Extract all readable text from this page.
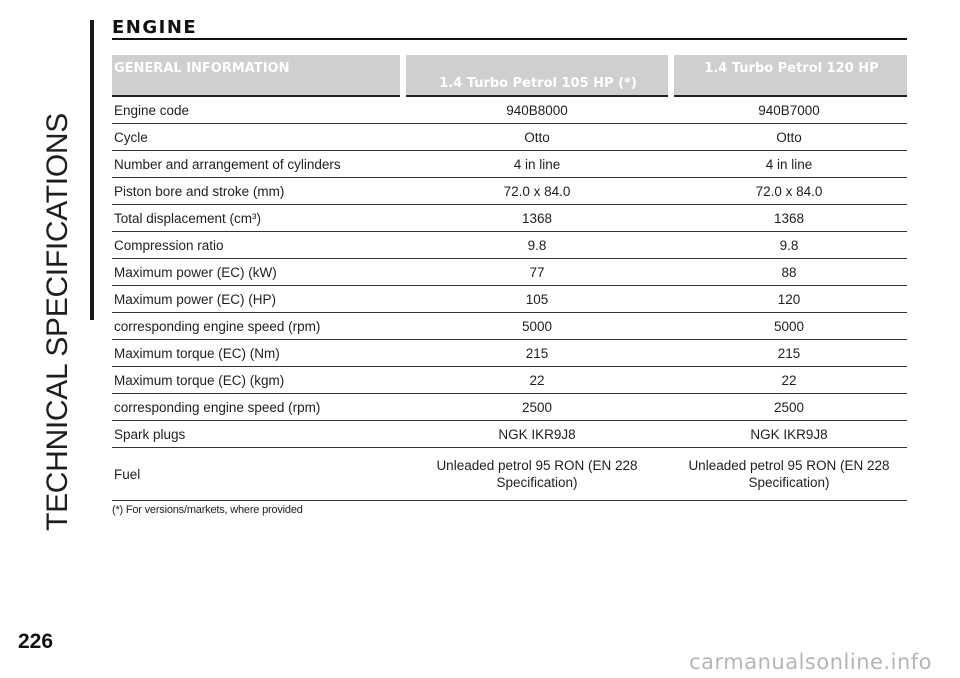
TECHNICAL SPECIFICATIONS
ENGINE
GENERAL INFORMATION	1.4 Turbo Petrol 105 HP (*)	1.4 Turbo Petrol 120 HP
Engine code	940B8000	940B7000
Cycle	Otto	Otto
Number and arrangement of cylinders	4 in line	4 in line
Piston bore and stroke (mm)	72.0 x 84.0	72.0 x 84.0
Total displacement (cm³)	1368	1368
Compression ratio	9.8	9.8
Maximum power (EC) (kW)	77	88
Maximum power (EC) (HP)	105	120
corresponding engine speed (rpm)	5000	5000
Maximum torque (EC) (Nm)	215	215
Maximum torque (EC) (kgm)	22	22
corresponding engine speed (rpm)	2500	2500
Spark plugs	NGK IKR9J8	NGK IKR9J8
Fuel	Unleaded petrol 95 RON (EN 228 Specification)	Unleaded petrol 95 RON (EN 228 Specification)
(*) For versions/markets, where provided
226
carmanualsonline.info
